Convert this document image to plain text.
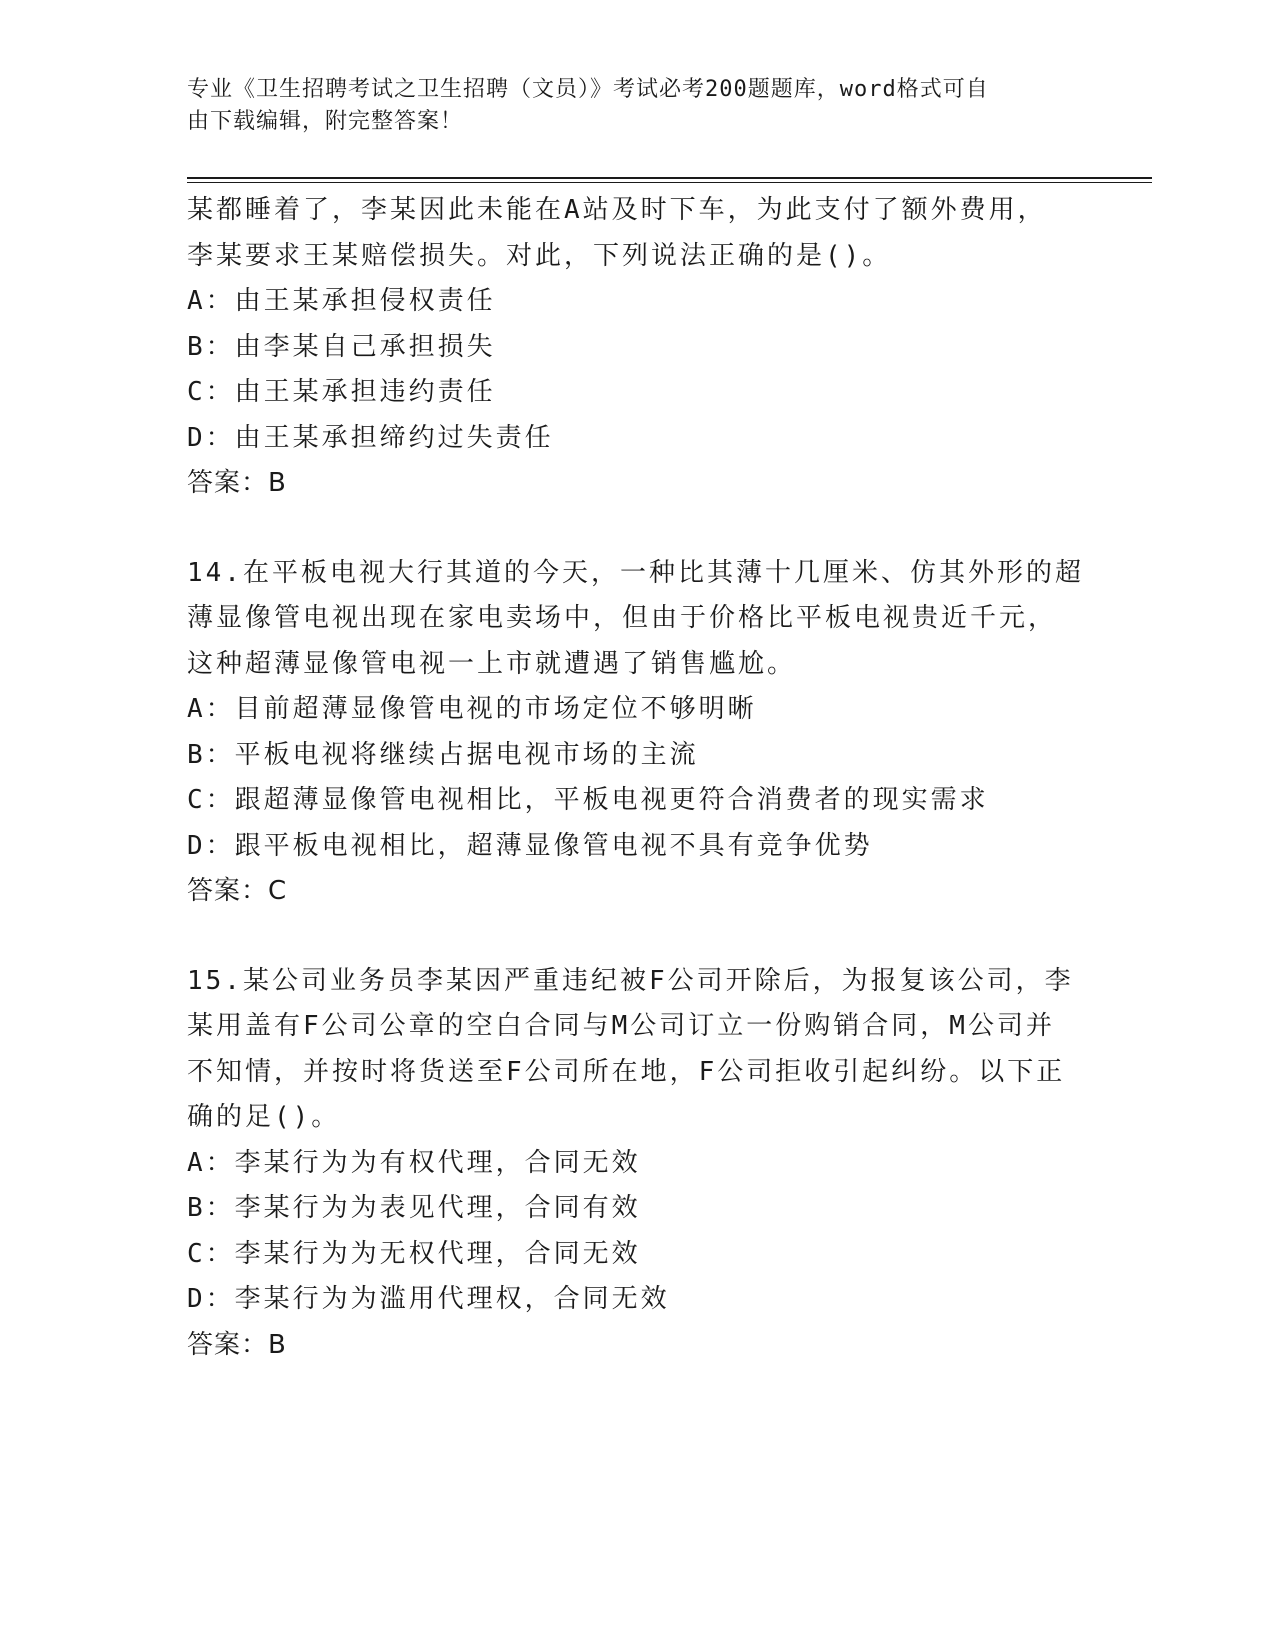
专业《卫生招聘考试之卫生招聘（文员）》考试必考200题题库，word格式可自
由下载编辑，附完整答案！
某都睡着了，李某因此未能在A站及时下车，为此支付了额外费用，
李某要求王某赔偿损失。对此，下列说法正确的是()。
A：由王某承担侵权责任
B：由李某自己承担损失
C：由王某承担违约责任
D：由王某承担缔约过失责任
答案：B
14.在平板电视大行其道的今天，一种比其薄十几厘米、仿其外形的超
薄显像管电视出现在家电卖场中，但由于价格比平板电视贵近千元，
这种超薄显像管电视一上市就遭遇了销售尴尬。
A：目前超薄显像管电视的市场定位不够明晰
B：平板电视将继续占据电视市场的主流
C：跟超薄显像管电视相比，平板电视更符合消费者的现实需求
D：跟平板电视相比，超薄显像管电视不具有竞争优势
答案：C
15.某公司业务员李某因严重违纪被F公司开除后，为报复该公司，李
某用盖有F公司公章的空白合同与M公司订立一份购销合同，M公司并
不知情，并按时将货送至F公司所在地，F公司拒收引起纠纷。以下正
确的足()。
A：李某行为为有权代理，合同无效
B：李某行为为表见代理，合同有效
C：李某行为为无权代理，合同无效
D：李某行为为滥用代理权，合同无效
答案：B
